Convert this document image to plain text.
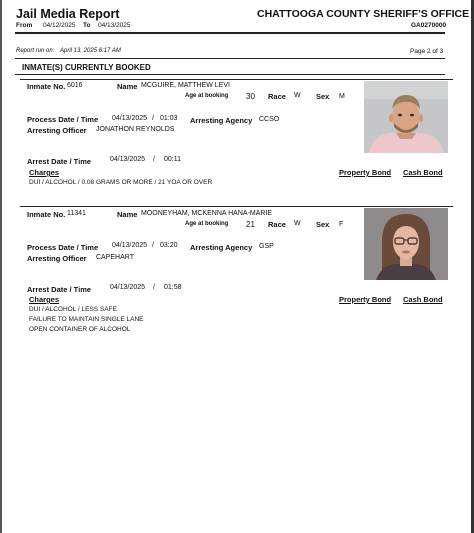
Jail Media Report	CHATTOOGA COUNTY SHERIFF'S OFFICE
From 04/12/2025 To 04/13/2025	GA0270000
Report run on: April 13, 2025 6:17 AM	Page 2 of 3
INMATE(S) CURRENTLY BOOKED
Inmate No. 6016	Name MCGUIRE, MATTHEW LEVI
Age at booking 30 Race W Sex M
Process Date / Time 04/13/2025 / 01:03 Arresting Agency CCSO
Arresting Officer JONATHON REYNOLDS
Arrest Date / Time	04/13/2025 / 00:11
Charges	Property Bond Cash Bond
DUI / ALCOHOL / 0.08 GRAMS OR MORE / 21 YOA OR OVER
Inmate No. 11341	Name MOONEYHAM, MCKENNA HANA-MARIE
Age at booking 21 Race W Sex F
Process Date / Time 04/13/2025 / 03:20 Arresting Agency GSP
Arresting Officer CAPEHART
Arrest Date / Time	04/13/2025 / 01:58
Charges	Property Bond Cash Bond
DUI / ALCOHOL / LESS SAFE
FAILURE TO MAINTAIN SINGLE LANE
OPEN CONTAINER OF ALCOHOL
